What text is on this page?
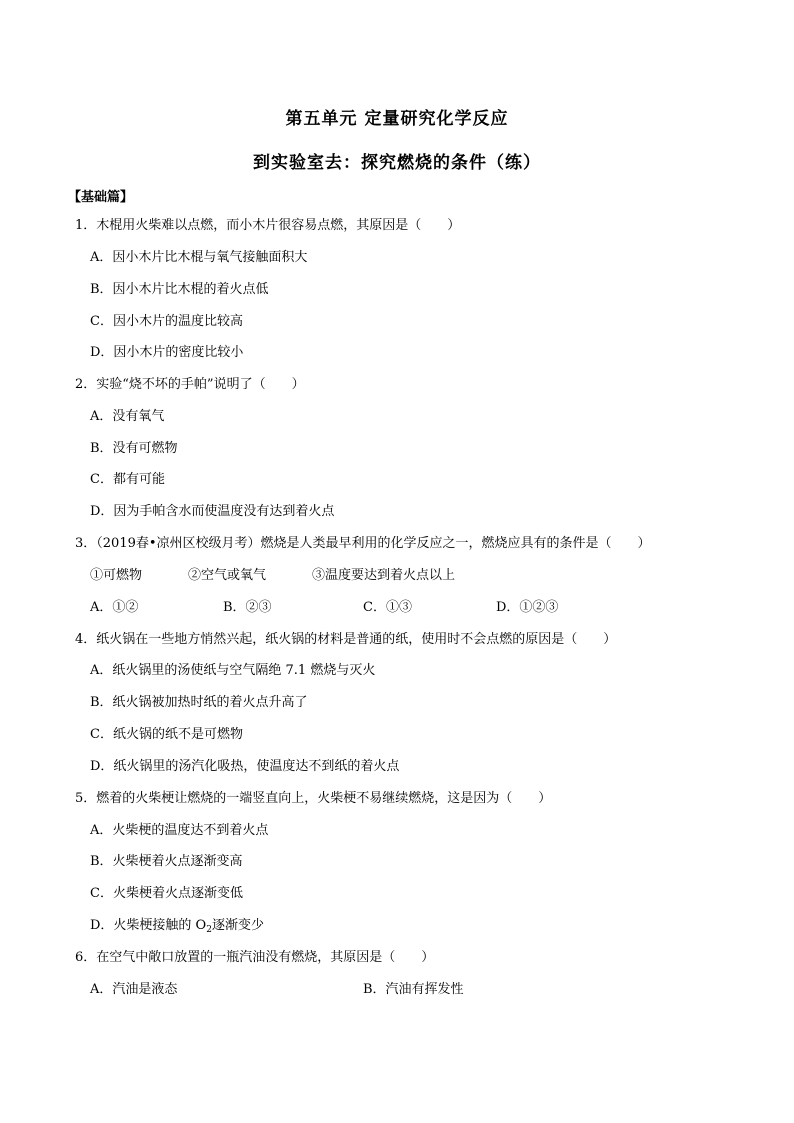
第五单元 定量研究化学反应
到实验室去：探究燃烧的条件（练）
【基础篇】
1．木棍用火柴难以点燃，而小木片很容易点燃，其原因是（　　）
A．因小木片比木棍与氧气接触面积大
B．因小木片比木棍的着火点低
C．因小木片的温度比较高
D．因小木片的密度比较小
2．实验“烧不坏的手帕”说明了（　　）
A．没有氧气
B．没有可燃物
C．都有可能
D．因为手帕含水而使温度没有达到着火点
3．（2019春•凉州区校级月考）燃烧是人类最早利用的化学反应之一，燃烧应具有的条件是（　　）
①可燃物	②空气或氧气	③温度要达到着火点以上
A．①②	B．②③	C．①③	D．①②③
4．纸火锅在一些地方悄然兴起，纸火锅的材料是普通的纸，使用时不会点燃的原因是（　　）
A．纸火锅里的汤使纸与空气隔绝 7.1 燃烧与灭火
B．纸火锅被加热时纸的着火点升高了
C．纸火锅的纸不是可燃物
D．纸火锅里的汤汽化吸热，使温度达不到纸的着火点
5．燃着的火柴梗让燃烧的一端竖直向上，火柴梗不易继续燃烧，这是因为（　　）
A．火柴梗的温度达不到着火点
B．火柴梗着火点逐渐变高
C．火柴梗着火点逐渐变低
D．火柴梗接触的 $O_2$逐渐变少
6．在空气中敞口放置的一瓶汽油没有燃烧，其原因是（　　）
A．汽油是液态	B．汽油有挥发性
